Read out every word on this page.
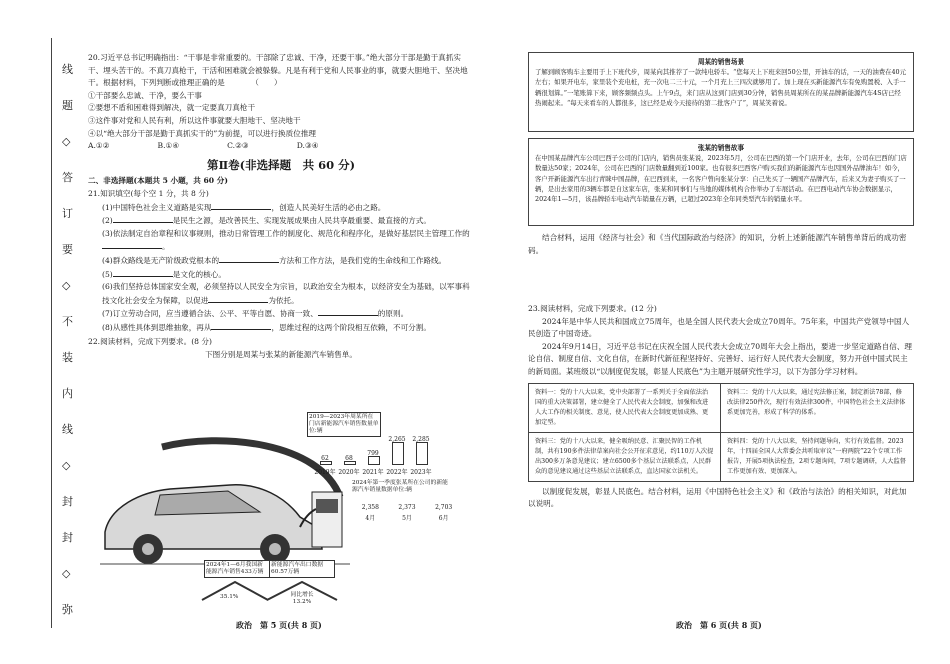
线
题
◇
答
订
要
◇
不
装
内
线
◇
封
封
◇
弥

20.习近平总书记明确指出：“干事是非常重要的。干部除了忠诚、干净，还要干事。”绝大部分干部是勤于真抓实干、埋头苦干的。不真刀真枪干，干活和困难就会被躲躲。凡是有利于党和人民事业的事，就要大胆地干、坚决地干。根据材料，下列判断或推理正确的是　　　　（　　）

①干部要么忠诚、干净，要么干事

②要想不盾和困难得到解决，就一定要真刀真枪干

③这件事对党和人民有利，所以这件事就要大胆地干、坚决地干

④以“绝大部分干部是勤于真抓实干的”为前提，可以进行换质位推理

A.①②	B.①④	C.②③	D.③④
第Ⅱ卷(非选择题　共 60 分)

二、非选择题(本题共 5 小题，共 60 分)

21.知识填空(每个空 1 分，共 8 分)

(1)中国特色社会主义道路是实现	，创造人民美好生活的必由之路。

(2)	是民生之源，是改善民生、实现发展成果由人民共享最重要、最直接的方式。

(3)依法制定自治章程和议事规则，推动日常管理工作的制度化、规范化和程序化，是做好基层民主管理工作的。

(4)群众路线是无产阶级政党根本的	方法和工作方法，是我们党的生命线和工作路线。

(5)	是文化的核心。

(6)我们坚持总体国家安全观，必须坚持以人民安全为宗旨，以政治安全为根本，以经济安全为基础，以军事科技文化社会安全为保障，以促进	为依托。

(7)订立劳动合同，应当遵循合法、公平、平等自愿、协商一致、	的原则。

(8)从感性具体到思维抽象，再从	，思维过程的这两个阶段相互依赖，不可分割。

22.阅读材料，完成下列要求。(8 分)

下图分别是周某与张某的新能源汽车销售单。

2019—2023年周某所在门店新能源汽车销售数量单位:辆
62	68
799
2,265	2,285
2019年 2020年 2021年 2022年 2023年
2024年第一季度张某所在公司的新能源汽车销量数据单位:辆
2,358
4月
2,373
5月
2,703
6月
2024年1—6月我国新能源汽车销售433万辆
35.1%
新能源汽车出口数据 60.57万辆
同比增长 13.2%
周某的销售场景

了解到顾客购车主要用于上下班代步，周某向其推荐了一款纯电轿车。“您每天上下班来回50公里，开油车的话，一天的油费在40元左右；如果开电车，家里装个充电桩，充一次电二三十元，一个月充上三四次就够用了。加上现在买新能源汽车有免购置税、入手一辆很划算。”一笔账算下来，顾客频频点头。上午9点，来门店从这到门店到30分钟，销售员周某所在的某品牌新能源汽车4S店已经热闹起来。“每天来看车的人都很多，这已经是成今天接待的第二批客户了”，周某笑着说。

张某的销售故事

在中国某品牌汽车公司巴西子公司的门店内，销售员张某说，2023年5月，公司在巴西的第一个门店开业，去年，公司在巴西的门店数量达50家；2024年，公司在巴西的门店数量翻到近100家。也有很多巴西客户购买我们的新能源汽车也因国外品牌油车！如今，客户开新能源汽车出行青睐中国品牌，在巴西到来，一名客户曾向张某分享：自己先买了一辆国产品牌汽车，后来又为妻子购买了一辆，是出去家用的3辆车都是自这家车店，张某和同事们与当地的媒体机构合作举办了车展活动。在巴西电动汽车协会数据显示，2024年1—5月，该品牌轿车电动汽车销量在万辆，已超过2023年全年同类型汽车的销量水平。

结合材料，运用《经济与社会》和《当代国际政治与经济》的知识，分析上述新能源汽车销售单背后的成功密码。

23.阅读材料，完成下列要求。(12 分)

2024年是中华人民共和国成立75周年，也是全国人民代表大会成立70周年。75年来，中国共产党领导中国人民创造了中国奇迹。

2024年9月14日，习近平总书记在庆祝全国人民代表大会成立70周年大会上指出，要进一步坚定道路自信、理论自信、制度自信、文化自信，在新时代新征程坚持好、完善好、运行好人民代表大会制度，努力开创中国式民主的新局面。某班级以“以制度促发展，彰显人民底色”为主题开展研究性学习，以下为部分学习材料。

资料一：党的十八大以来，党中央部署了一系列关于全面依法治国的重大决策部署，建立健全了人民代表大会制度，加强和改进人大工作的相关制度、意见，使人民代表大会制度更加成熟、更加定型。
资料二：党的十八大以来，通过宪法修正案，制定新法78部，修改法律250件次，现行有效法律300件，中国特色社会主义法律体系更加完善，形成了科学的体系。
资料三：党的十八大以来，健全吸纳民意、汇聚民智的工作机制，共有190多件法律草案向社会公开征求意见，约110万人次提出300多万条意见建议；建立6500多个基层立法联系点，人民群众的意见建议通过这些基层立法联系点，直达国家立法机关。
资料四：党的十八大以来，坚持问题导向，实行有效监督。2023年，十四届全国人大常委会共听取审议“一府两院”22个专项工作报告，开展5项执法检查，2项专题询问，7项专题调研，人大监督工作更加有效、更加深入。

以制度促发展，彰显人民底色。结合材料，运用《中国特色社会主义》和《政治与法治》的相关知识，对此加以说明。

政治　第 5 页(共 8 页)	政治　第 6 页(共 8 页)
